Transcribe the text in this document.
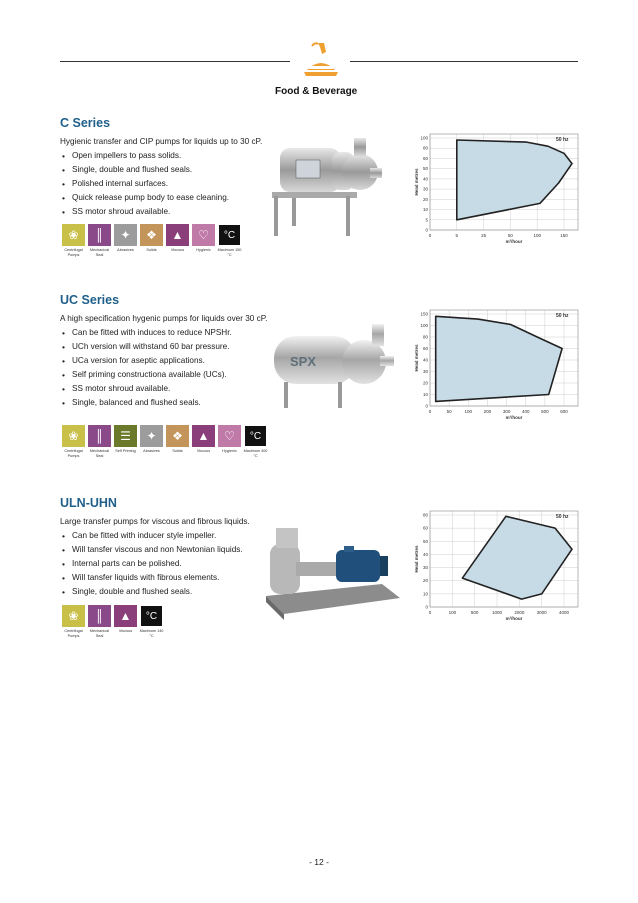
Food & Beverage
C Series
Hygienic transfer and CIP pumps for liquids up to 30 cP.
• Open impellers to pass solids.
• Single, double and flushed seals.
• Polished internal surfaces.
• Quick release pump body to ease cleaning.
• SS motor shroud available.
❀
Centrifugal Pumps
║
Mechanical Seal
✦
Abrasives
❖
Solids
▲
Viscous
♡
Hygienic
°C
Maximum 150 °C
0	5	25	50	100	150
0
5
10
20
30
40
50
60
80
100
Head metres
m³/hour
50 hz
UC Series
A high specification hygenic pumps for liquids over 30 cP.
• Can be fitted with induces to reduce NPSHr.
• UCh version will withstand 60 bar pressure.
• UCa version for aseptic applications.
• Self priming constructiona available (UCs).
• SS motor shroud available.
• Single, balanced and flushed seals.
❀
Centrifugal Pumps
║
Mechanical Seal
☰
Self Priming
✦
Abrasives
❖
Solids
▲
Viscous
♡
Hygienic
°C
Maximum 400 °C
SPX
0	50	100	200	300	400	500	600
0
10
20
30
40
60
80
100
150
Head metres
m³/hour
50 hz
ULN-UHN
Large transfer pumps for viscous and fibrous liquids.
• Can be fitted with inducer style impeller.
• Will tansfer viscous and non Newtonian liquids.
• Internal parts can be polished.
• Will tansfer liquids with fibrous elements.
• Single, double and flushed seals.
❀
Centrifugal Pumps
║
Mechanical Seal
▲
Viscous
°C
Maximum 140 °C
0	100	500	1000	2000	3000	4000
0
10
20
30
40
50
60
80
Head metres
m³/hour
50 hz
- 12 -
